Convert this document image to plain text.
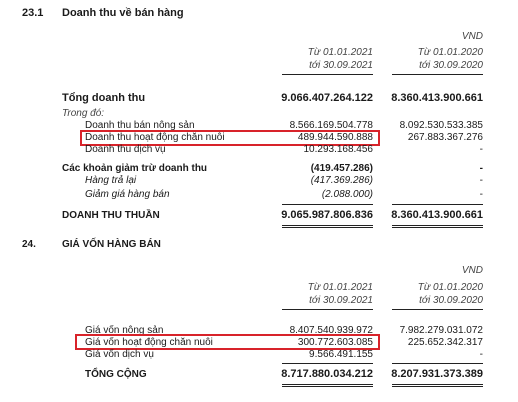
23.1 Doanh thu về bán hàng
VND
Từ 01.01.2021
tới 30.09.2021
Từ 01.01.2020
tới 30.09.2020
Tổng doanh thu	9.066.407.264.122	8.360.413.900.661
Trong đó:
Doanh thu bán nông sản	8.566.169.504.778	8.092.530.533.385
Doanh thu hoạt động chăn nuôi	489.944.590.888	267.883.367.276
Doanh thu dịch vụ	10.293.168.456	-
Các khoản giảm trừ doanh thu	(419.457.286)	-
Hàng trả lại	(417.369.286)	-
Giảm giá hàng bán	(2.088.000)	-
DOANH THU THUẦN	9.065.987.806.836	8.360.413.900.661
24.	GIÁ VỐN HÀNG BÁN
VND
Từ 01.01.2021
tới 30.09.2021
Từ 01.01.2020
tới 30.09.2020
Giá vốn nông sản	8.407.540.939.972	7.982.279.031.072
Giá vốn hoạt động chăn nuôi	300.772.603.085	225.652.342.317
Giá vốn dịch vụ	9.566.491.155	-
TỔNG CỘNG	8.717.880.034.212	8.207.931.373.389
